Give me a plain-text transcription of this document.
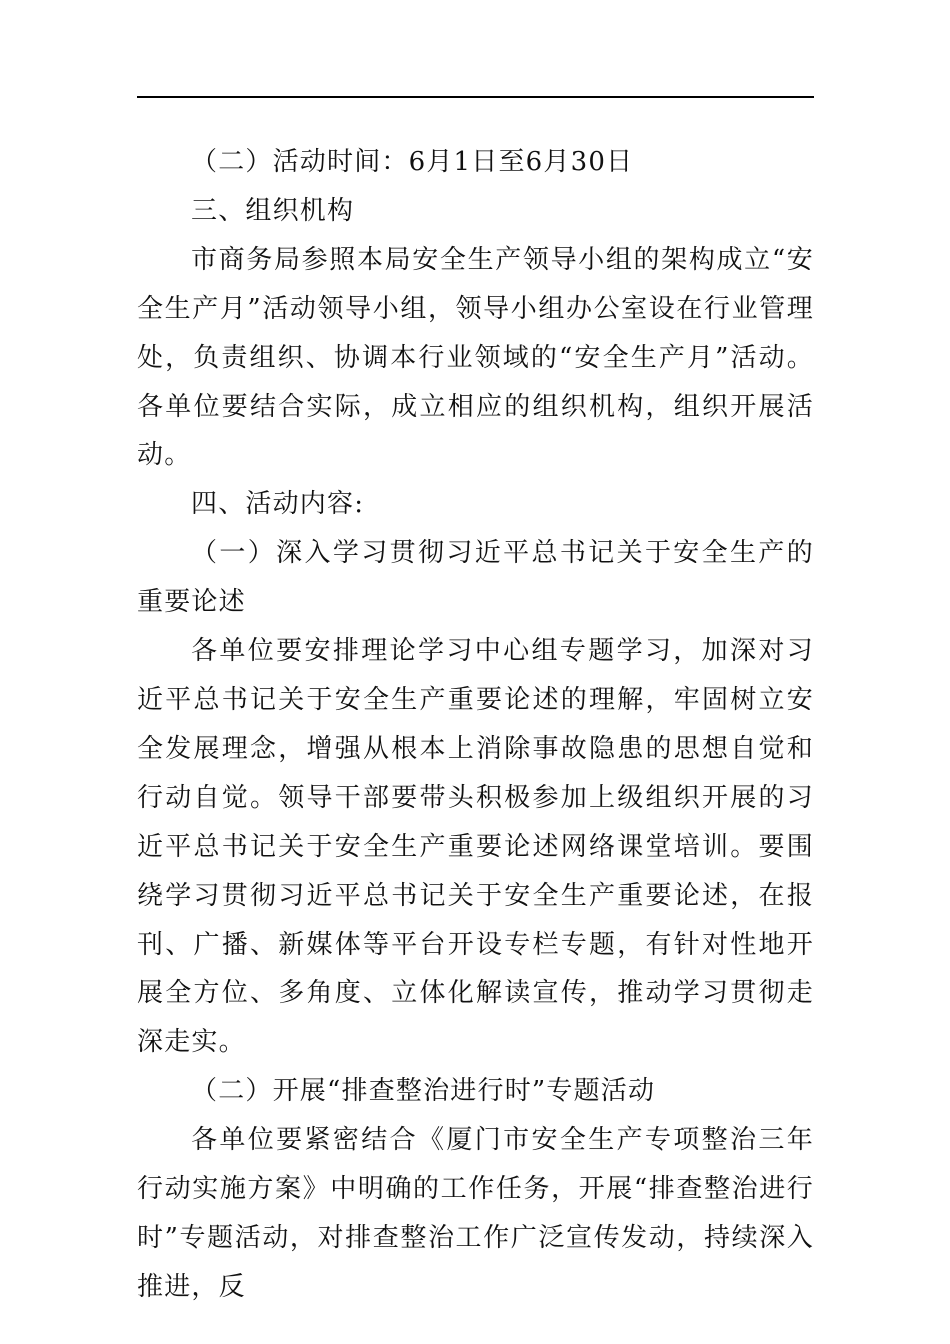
（二）活动时间：6月1日至6月30日

三、组织机构

市商务局参照本局安全生产领导小组的架构成立“安全生产月”活动领导小组，领导小组办公室设在行业管理处，负责组织、协调本行业领域的“安全生产月”活动。各单位要结合实际，成立相应的组织机构，组织开展活动。

四、活动内容:

（一）深入学习贯彻习近平总书记关于安全生产的重要论述

各单位要安排理论学习中心组专题学习，加深对习近平总书记关于安全生产重要论述的理解，牢固树立安全发展理念，增强从根本上消除事故隐患的思想自觉和行动自觉。领导干部要带头积极参加上级组织开展的习近平总书记关于安全生产重要论述网络课堂培训。要围绕学习贯彻习近平总书记关于安全生产重要论述，在报刊、广播、新媒体等平台开设专栏专题，有针对性地开展全方位、多角度、立体化解读宣传，推动学习贯彻走深走实。

（二）开展“排查整治进行时”专题活动

各单位要紧密结合《厦门市安全生产专项整治三年行动实施方案》中明确的工作任务，开展“排查整治进行时”专题活动，对排查整治工作广泛宣传发动，持续深入推进，反
